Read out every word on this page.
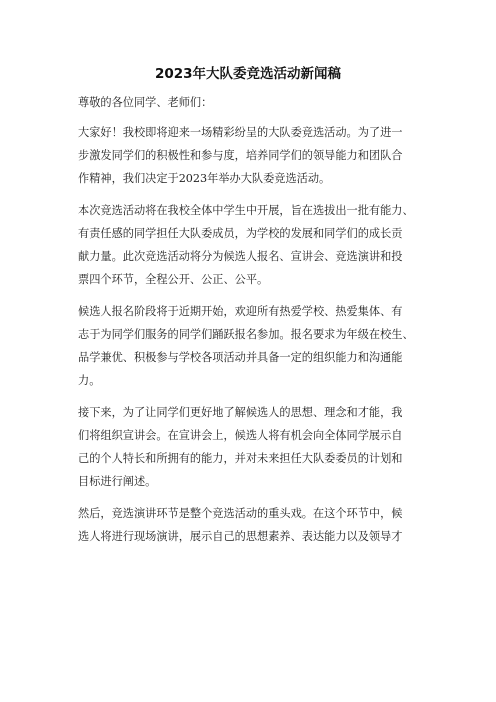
2023年大队委竞选活动新闻稿
尊敬的各位同学、老师们：
大家好！我校即将迎来一场精彩纷呈的大队委竞选活动。为了进一
步激发同学们的积极性和参与度，培养同学们的领导能力和团队合
作精神，我们决定于2023年举办大队委竞选活动。
本次竞选活动将在我校全体中学生中开展，旨在选拔出一批有能力、
有责任感的同学担任大队委成员，为学校的发展和同学们的成长贡
献力量。此次竞选活动将分为候选人报名、宣讲会、竞选演讲和投
票四个环节，全程公开、公正、公平。
候选人报名阶段将于近期开始，欢迎所有热爱学校、热爱集体、有
志于为同学们服务的同学们踊跃报名参加。报名要求为年级在校生、
品学兼优、积极参与学校各项活动并具备一定的组织能力和沟通能
力。
接下来，为了让同学们更好地了解候选人的思想、理念和才能，我
们将组织宣讲会。在宣讲会上，候选人将有机会向全体同学展示自
己的个人特长和所拥有的能力，并对未来担任大队委委员的计划和
目标进行阐述。
然后，竞选演讲环节是整个竞选活动的重头戏。在这个环节中，候
选人将进行现场演讲，展示自己的思想素养、表达能力以及领导才
